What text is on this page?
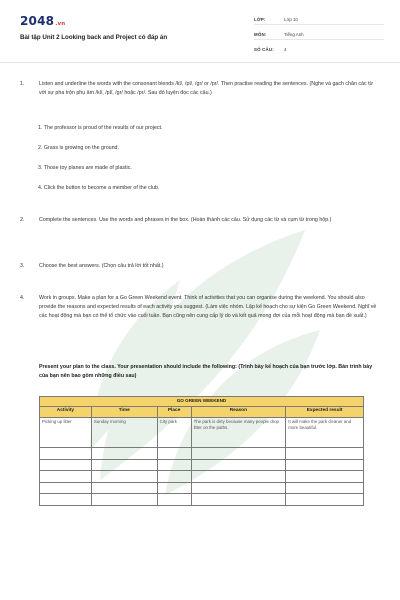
2048.vn
Bài tập Unit 2 Looking back and Project có đáp án
LỚP:	Lớp 10
MÔN:	Tiếng Anh
SỐ CÂU: 4
1.	Listen and underline the words with the consonant blends /kl/, /pl/, /gr/ or /pr/. Then practise reading the sentences. (Nghe và gạch chân các từ với sự pha trộn phụ âm /kl/, /pl/, /gr/ hoặc /pr/. Sau đó luyện đọc các câu.)
1. The professor is proud of the results of our project.
2. Grass is growing on the ground.
3. Those toy planes are made of plastic.
4. Click the button to become a member of the club.
2.	Complete the sentences. Use the words and phrases in the box. (Hoàn thành các câu. Sử dụng các từ và cụm từ trong hộp.)
3.	Choose the best answers. (Chọn câu trả lời tốt nhất.)
4.	Work in groups. Make a plan for a Go Green Weekend event. Think of activities that you can organise during the weekend. You should also provide the reasons and expected results of each activity you suggest. (Làm việc nhóm. Lập kế hoạch cho sự kiện Go Green Weekend. Nghĩ về các hoạt động mà bạn có thể tổ chức vào cuối tuần. Bạn cũng nên cung cấp lý do và kết quả mong đợi của mỗi hoạt động mà bạn đề xuất.)
Present your plan to the class. Your presentation should include the following: (Trình bày kế hoạch của bạn trước lớp. Bản trình bày của bạn nên bao gồm những điều sau)
GO GREEN WEEKEND				
Activity	Time	Place	Reason	Expected result
Picking up litter	Sunday morning	City park	The park is dirty because many people drop litter on the paths.	It will make the park cleaner and more beautiful.
